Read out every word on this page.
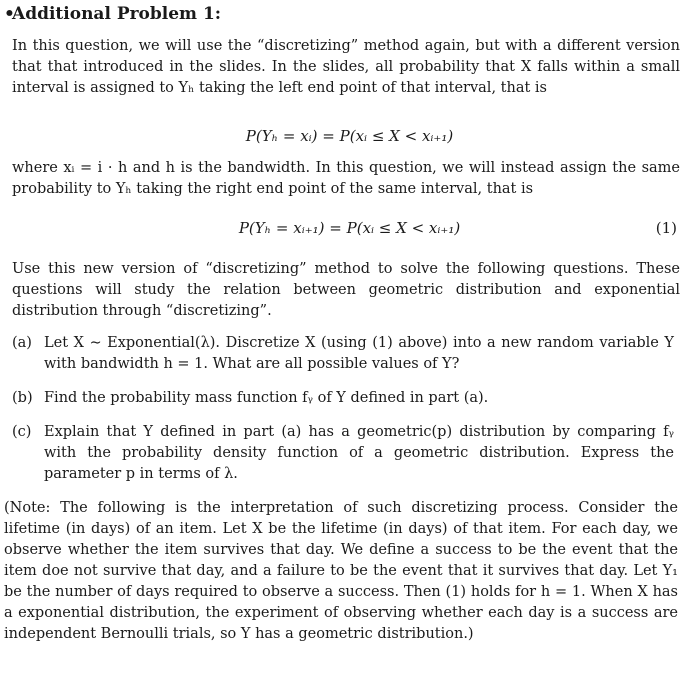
•Additional Problem 1:
In this question, we will use the “discretizing” method again, but with a different version that that introduced in the slides. In the slides, all probability that X falls within a small interval is assigned to Yₕ taking the left end point of that interval, that is
P(Yₕ = xᵢ) = P(xᵢ ≤ X < xᵢ₊₁)
where xᵢ = i · h and h is the bandwidth. In this question, we will instead assign the same probability to Yₕ taking the right end point of the same interval, that is
P(Yₕ = xᵢ₊₁) = P(xᵢ ≤ X < xᵢ₊₁)	(1)
Use this new version of “discretizing” method to solve the following questions. These questions will study the relation between geometric distribution and exponential distribution through “discretizing”.
(a) Let X ∼ Exponential(λ). Discretize X (using (1) above) into a new random variable Y with bandwidth h = 1. What are all possible values of Y?
(b) Find the probability mass function fᵧ of Y defined in part (a).
(c) Explain that Y defined in part (a) has a geometric(p) distribution by comparing fᵧ with the probability density function of a geometric distribution. Express the parameter p in terms of λ.
(Note: The following is the interpretation of such discretizing process. Consider the lifetime (in days) of an item. Let X be the lifetime (in days) of that item. For each day, we observe whether the item survives that day. We define a success to be the event that the item doe not survive that day, and a failure to be the event that it survives that day. Let Y₁ be the number of days required to observe a success. Then (1) holds for h = 1. When X has a exponential distribution, the experiment of observing whether each day is a success are independent Bernoulli trials, so Y has a geometric distribution.)
